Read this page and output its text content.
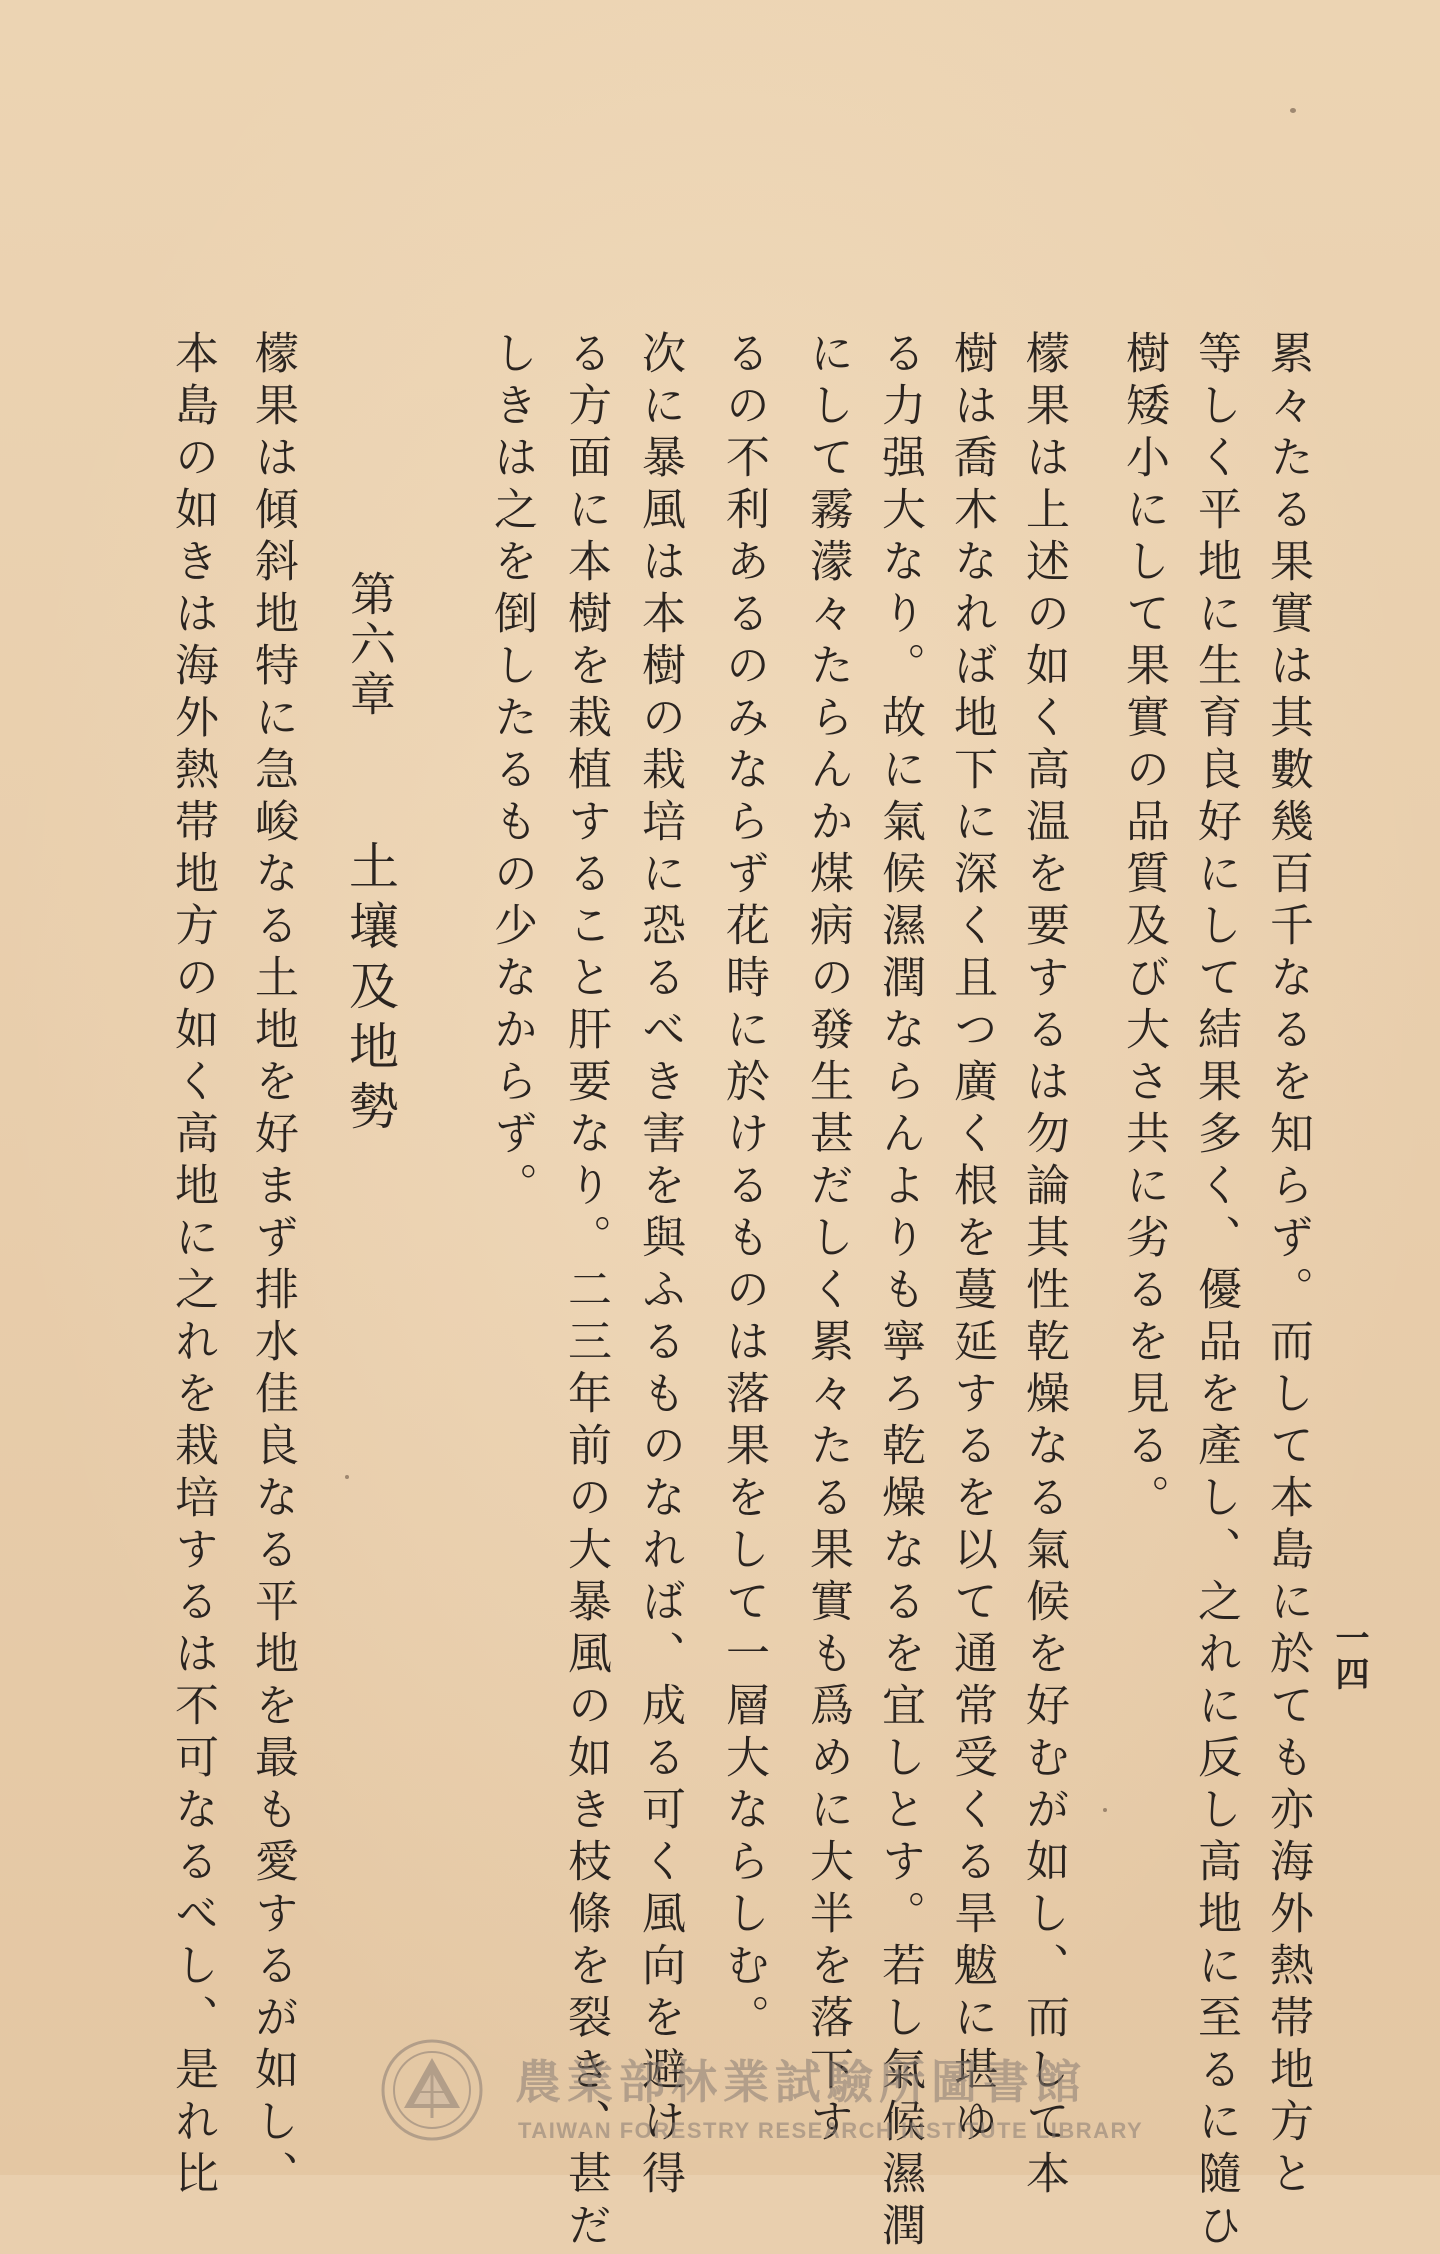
一四
累々たる果實は其數幾百千なるを知らず。而して本島に於ても亦海外熱帯地方と
等しく平地に生育良好にして結果多く、優品を產し、之れに反し高地に至るに隨ひ
樹矮小にして果實の品質及び大さ共に劣るを見る。
檬果は上述の如く高温を要するは勿論其性乾燥なる氣候を好むが如し、而して本
樹は喬木なれば地下に深く且つ廣く根を蔓延するを以て通常受くる旱魃に堪ゆ
る力强大なり。故に氣候濕潤ならんよりも寧ろ乾燥なるを宜しとす。若し氣候濕潤
にして霧濛々たらんか煤病の發生甚だしく累々たる果實も爲めに大半を落下す
るの不利あるのみならず花時に於けるものは落果をして一層大ならしむ。
次に暴風は本樹の栽培に恐るべき害を與ふるものなれば、成る可く風向を避け得
る方面に本樹を栽植すること肝要なり。二三年前の大暴風の如き枝條を裂き、甚だ
しきは之を倒したるもの少なからず。
第六章土壤及地勢
檬果は傾斜地特に急峻なる土地を好まず排水佳良なる平地を最も愛するが如し、
本島の如きは海外熱帯地方の如く高地に之れを栽培するは不可なるべし、是れ比	農業部林業試驗所圖書館
TAIWAN FORESTRY RESEARCH INSTITUTE LIBRARY
